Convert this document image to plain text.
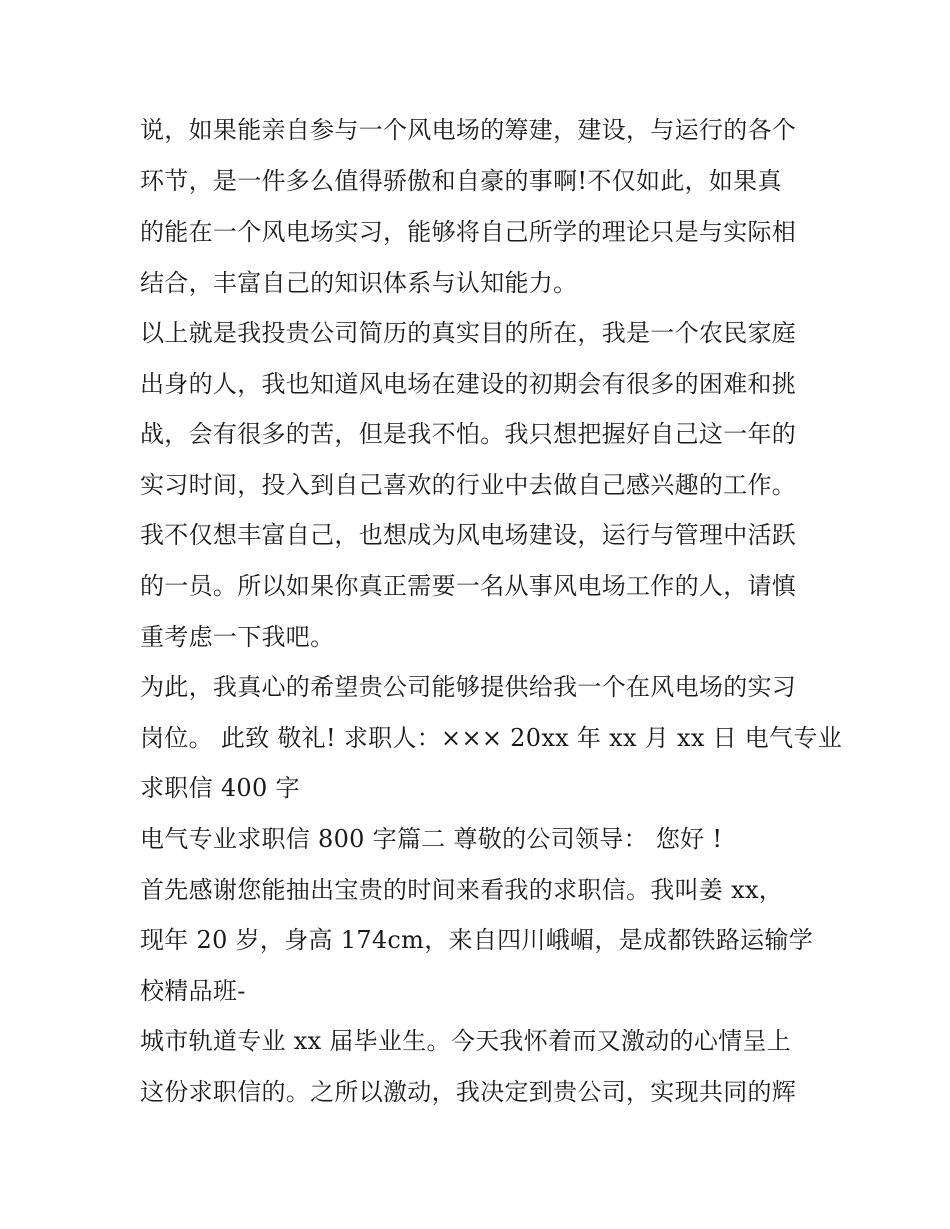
说，如果能亲自参与一个风电场的筹建，建设，与运行的各个

环节，是一件多么值得骄傲和自豪的事啊!不仅如此，如果真

的能在一个风电场实习，能够将自己所学的理论只是与实际相

结合，丰富自己的知识体系与认知能力。

以上就是我投贵公司简历的真实目的所在，我是一个农民家庭

出身的人，我也知道风电场在建设的初期会有很多的困难和挑

战，会有很多的苦，但是我不怕。我只想把握好自己这一年的

实习时间，投入到自己喜欢的行业中去做自己感兴趣的工作。

我不仅想丰富自己，也想成为风电场建设，运行与管理中活跃

的一员。所以如果你真正需要一名从事风电场工作的人，请慎

重考虑一下我吧。

为此，我真心的希望贵公司能够提供给我一个在风电场的实习

岗位。 此致 敬礼! 求职人：××× 20xx 年 xx 月 xx 日 电气专业

求职信 400 字

电气专业求职信 800 字篇二 尊敬的公司领导： 您好 !

首先感谢您能抽出宝贵的时间来看我的求职信。我叫姜 xx，

现年 20 岁，身高 174cm，来自四川峨嵋，是成都铁路运输学

校精品班-

城市轨道专业 xx 届毕业生。今天我怀着而又激动的心情呈上

这份求职信的。之所以激动，我决定到贵公司，实现共同的辉
